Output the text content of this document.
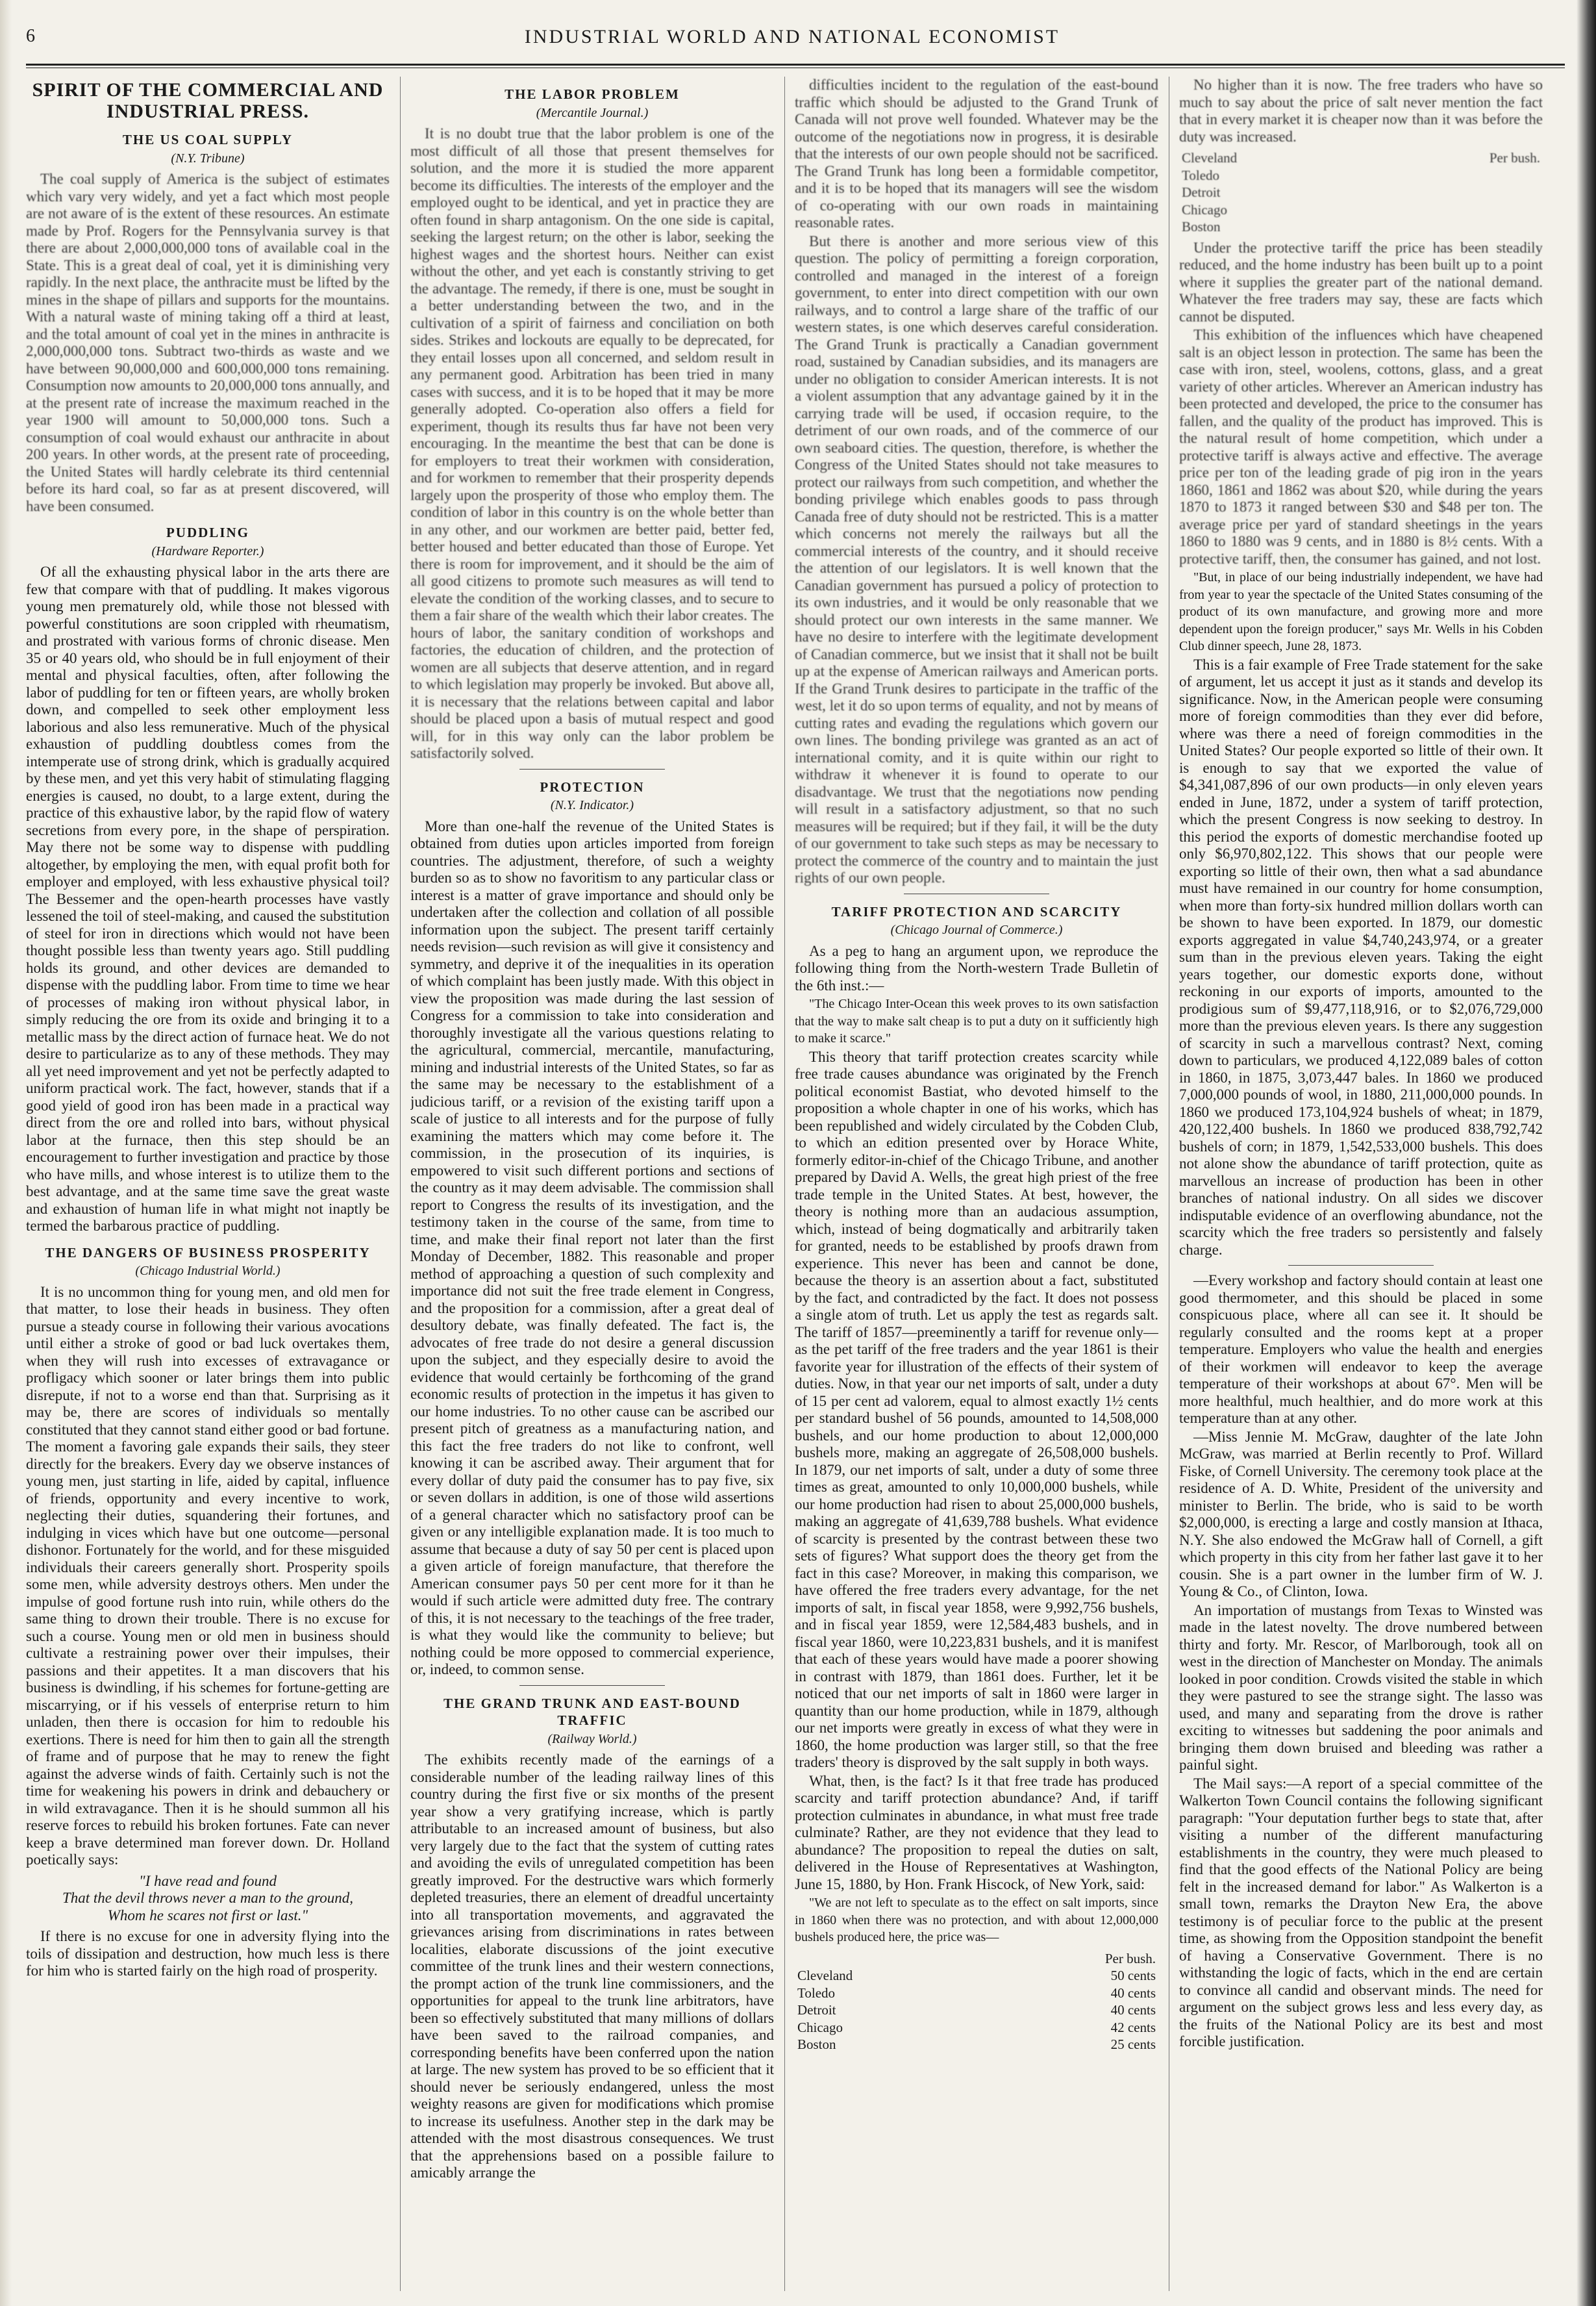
6	INDUSTRIAL WORLD AND NATIONAL ECONOMIST
SPIRIT OF THE COMMERCIAL AND INDUSTRIAL PRESS.
THE US COAL SUPPLY
(N.Y. Tribune)

The coal supply of America is the subject of estimates which vary very widely, and yet a fact which most people are not aware of is the extent of these resources. An estimate made by Prof. Rogers for the Pennsylvania survey is that there are about 2,000,000,000 tons of available coal in the State. This is a great deal of coal, yet it is diminishing very rapidly. In the next place, the anthracite must be lifted by the mines in the shape of pillars and supports for the mountains. With a natural waste of mining taking off a third at least, and the total amount of coal yet in the mines in anthracite is 2,000,000,000 tons. Subtract two-thirds as waste and we have between 90,000,000 and 600,000,000 tons remaining. Consumption now amounts to 20,000,000 tons annually, and at the present rate of increase the maximum reached in the year 1900 will amount to 50,000,000 tons. Such a consumption of coal would exhaust our anthracite in about 200 years. In other words, at the present rate of proceeding, the United States will hardly celebrate its third centennial before its hard coal, so far as at present discovered, will have been consumed.

PUDDLING
(Hardware Reporter.)

Of all the exhausting physical labor in the arts there are few that compare with that of puddling. It makes vigorous young men prematurely old, while those not blessed with powerful constitutions are soon crippled with rheumatism, and prostrated with various forms of chronic disease. Men 35 or 40 years old, who should be in full enjoyment of their mental and physical faculties, often, after following the labor of puddling for ten or fifteen years, are wholly broken down, and compelled to seek other employment less laborious and also less remunerative. Much of the physical exhaustion of puddling doubtless comes from the intemperate use of strong drink, which is gradually acquired by these men, and yet this very habit of stimulating flagging energies is caused, no doubt, to a large extent, during the practice of this exhaustive labor, by the rapid flow of watery secretions from every pore, in the shape of perspiration. May there not be some way to dispense with puddling altogether, by employing the men, with equal profit both for employer and employed, with less exhaustive physical toil? The Bessemer and the open-hearth processes have vastly lessened the toil of steel-making, and caused the substitution of steel for iron in directions which would not have been thought possible less than twenty years ago. Still puddling holds its ground, and other devices are demanded to dispense with the puddling labor. From time to time we hear of processes of making iron without physical labor, in simply reducing the ore from its oxide and bringing it to a metallic mass by the direct action of furnace heat. We do not desire to particularize as to any of these methods. They may all yet need improvement and yet not be perfectly adapted to uniform practical work. The fact, however, stands that if a good yield of good iron has been made in a practical way direct from the ore and rolled into bars, without physical labor at the furnace, then this step should be an encouragement to further investigation and practice by those who have mills, and whose interest is to utilize them to the best advantage, and at the same time save the great waste and exhaustion of human life in what might not inaptly be termed the barbarous practice of puddling.

THE DANGERS OF BUSINESS PROSPERITY
(Chicago Industrial World.)

It is no uncommon thing for young men, and old men for that matter, to lose their heads in business. They often pursue a steady course in following their various avocations until either a stroke of good or bad luck overtakes them, when they will rush into excesses of extravagance or profligacy which sooner or later brings them into public disrepute, if not to a worse end than that. Surprising as it may be, there are scores of individuals so mentally constituted that they cannot stand either good or bad fortune. The moment a favoring gale expands their sails, they steer directly for the breakers. Every day we observe instances of young men, just starting in life, aided by capital, influence of friends, opportunity and every incentive to work, neglecting their duties, squandering their fortunes, and indulging in vices which have but one outcome—personal dishonor. Fortunately for the world, and for these misguided individuals their careers generally short. Prosperity spoils some men, while adversity destroys others. Men under the impulse of good fortune rush into ruin, while others do the same thing to drown their trouble. There is no excuse for such a course. Young men or old men in business should cultivate a restraining power over their impulses, their passions and their appetites. It a man discovers that his business is dwindling, if his schemes for fortune-getting are miscarrying, or if his vessels of enterprise return to him unladen, then there is occasion for him to redouble his exertions. There is need for him then to gain all the strength of frame and of purpose that he may to renew the fight against the adverse winds of faith. Certainly such is not the time for weakening his powers in drink and debauchery or in wild extravagance. Then it is he should summon all his reserve forces to rebuild his broken fortunes. Fate can never keep a brave determined man forever down. Dr. Holland poetically says:

"I have read and found
That the devil throws never a man to the ground,
Whom he scares not first or last."

If there is no excuse for one in adversity flying into the toils of dissipation and destruction, how much less is there for him who is started fairly on the high road of prosperity.

THE LABOR PROBLEM
(Mercantile Journal.)

It is no doubt true that the labor problem is one of the most difficult of all those that present themselves for solution, and the more it is studied the more apparent become its difficulties. The interests of the employer and the employed ought to be identical, and yet in practice they are often found in sharp antagonism. On the one side is capital, seeking the largest return; on the other is labor, seeking the highest wages and the shortest hours. Neither can exist without the other, and yet each is constantly striving to get the advantage. The remedy, if there is one, must be sought in a better understanding between the two, and in the cultivation of a spirit of fairness and conciliation on both sides. Strikes and lockouts are equally to be deprecated, for they entail losses upon all concerned, and seldom result in any permanent good. Arbitration has been tried in many cases with success, and it is to be hoped that it may be more generally adopted. Co-operation also offers a field for experiment, though its results thus far have not been very encouraging. In the meantime the best that can be done is for employers to treat their workmen with consideration, and for workmen to remember that their prosperity depends largely upon the prosperity of those who employ them. The condition of labor in this country is on the whole better than in any other, and our workmen are better paid, better fed, better housed and better educated than those of Europe. Yet there is room for improvement, and it should be the aim of all good citizens to promote such measures as will tend to elevate the condition of the working classes, and to secure to them a fair share of the wealth which their labor creates. The hours of labor, the sanitary condition of workshops and factories, the education of children, and the protection of women are all subjects that deserve attention, and in regard to which legislation may properly be invoked. But above all, it is necessary that the relations between capital and labor should be placed upon a basis of mutual respect and good will, for in this way only can the labor problem be satisfactorily solved.

PROTECTION
(N.Y. Indicator.)

More than one-half the revenue of the United States is obtained from duties upon articles imported from foreign countries. The adjustment, therefore, of such a weighty burden so as to show no favoritism to any particular class or interest is a matter of grave importance and should only be undertaken after the collection and collation of all possible information upon the subject. The present tariff certainly needs revision—such revision as will give it consistency and symmetry, and deprive it of the inequalities in its operation of which complaint has been justly made. With this object in view the proposition was made during the last session of Congress for a commission to take into consideration and thoroughly investigate all the various questions relating to the agricultural, commercial, mercantile, manufacturing, mining and industrial interests of the United States, so far as the same may be necessary to the establishment of a judicious tariff, or a revision of the existing tariff upon a scale of justice to all interests and for the purpose of fully examining the matters which may come before it. The commission, in the prosecution of its inquiries, is empowered to visit such different portions and sections of the country as it may deem advisable. The commission shall report to Congress the results of its investigation, and the testimony taken in the course of the same, from time to time, and make their final report not later than the first Monday of December, 1882. This reasonable and proper method of approaching a question of such complexity and importance did not suit the free trade element in Congress, and the proposition for a commission, after a great deal of desultory debate, was finally defeated. The fact is, the advocates of free trade do not desire a general discussion upon the subject, and they especially desire to avoid the evidence that would certainly be forthcoming of the grand economic results of protection in the impetus it has given to our home industries. To no other cause can be ascribed our present pitch of greatness as a manufacturing nation, and this fact the free traders do not like to confront, well knowing it can be ascribed away. Their argument that for every dollar of duty paid the consumer has to pay five, six or seven dollars in addition, is one of those wild assertions of a general character which no satisfactory proof can be given or any intelligible explanation made. It is too much to assume that because a duty of say 50 per cent is placed upon a given article of foreign manufacture, that therefore the American consumer pays 50 per cent more for it than he would if such article were admitted duty free. The contrary of this, it is not necessary to the teachings of the free trader, is what they would like the community to believe; but nothing could be more opposed to commercial experience, or, indeed, to common sense.

THE GRAND TRUNK AND EAST-BOUND TRAFFIC
(Railway World.)

The exhibits recently made of the earnings of a considerable number of the leading railway lines of this country during the first five or six months of the present year show a very gratifying increase, which is partly attributable to an increased amount of business, but also very largely due to the fact that the system of cutting rates and avoiding the evils of unregulated competition has been greatly improved. For the destructive wars which formerly depleted treasuries, there an element of dreadful uncertainty into all transportation movements, and aggravated the grievances arising from discriminations in rates between localities, elaborate discussions of the joint executive committee of the trunk lines and their western connections, the prompt action of the trunk line commissioners, and the opportunities for appeal to the trunk line arbitrators, have been so effectively substituted that many millions of dollars have been saved to the railroad companies, and corresponding benefits have been conferred upon the nation at large. The new system has proved to be so efficient that it should never be seriously endangered, unless the most weighty reasons are given for modifications which promise to increase its usefulness. Another step in the dark may be attended with the most disastrous consequences. We trust that the apprehensions based on a possible failure to amicably arrange the

difficulties incident to the regulation of the east-bound traffic which should be adjusted to the Grand Trunk of Canada will not prove well founded. Whatever may be the outcome of the negotiations now in progress, it is desirable that the interests of our own people should not be sacrificed. The Grand Trunk has long been a formidable competitor, and it is to be hoped that its managers will see the wisdom of co-operating with our own roads in maintaining reasonable rates.

But there is another and more serious view of this question. The policy of permitting a foreign corporation, controlled and managed in the interest of a foreign government, to enter into direct competition with our own railways, and to control a large share of the traffic of our western states, is one which deserves careful consideration. The Grand Trunk is practically a Canadian government road, sustained by Canadian subsidies, and its managers are under no obligation to consider American interests. It is not a violent assumption that any advantage gained by it in the carrying trade will be used, if occasion require, to the detriment of our own roads, and of the commerce of our own seaboard cities. The question, therefore, is whether the Congress of the United States should not take measures to protect our railways from such competition, and whether the bonding privilege which enables goods to pass through Canada free of duty should not be restricted. This is a matter which concerns not merely the railways but all the commercial interests of the country, and it should receive the attention of our legislators. It is well known that the Canadian government has pursued a policy of protection to its own industries, and it would be only reasonable that we should protect our own interests in the same manner. We have no desire to interfere with the legitimate development of Canadian commerce, but we insist that it shall not be built up at the expense of American railways and American ports. If the Grand Trunk desires to participate in the traffic of the west, let it do so upon terms of equality, and not by means of cutting rates and evading the regulations which govern our own lines. The bonding privilege was granted as an act of international comity, and it is quite within our right to withdraw it whenever it is found to operate to our disadvantage. We trust that the negotiations now pending will result in a satisfactory adjustment, so that no such measures will be required; but if they fail, it will be the duty of our government to take such steps as may be necessary to protect the commerce of the country and to maintain the just rights of our own people.

TARIFF PROTECTION AND SCARCITY
(Chicago Journal of Commerce.)

As a peg to hang an argument upon, we reproduce the following thing from the North-western Trade Bulletin of the 6th inst.:—

"The Chicago Inter-Ocean this week proves to its own satisfaction that the way to make salt cheap is to put a duty on it sufficiently high to make it scarce."

This theory that tariff protection creates scarcity while free trade causes abundance was originated by the French political economist Bastiat, who devoted himself to the proposition a whole chapter in one of his works, which has been republished and widely circulated by the Cobden Club, to which an edition presented over by Horace White, formerly editor-in-chief of the Chicago Tribune, and another prepared by David A. Wells, the great high priest of the free trade temple in the United States. At best, however, the theory is nothing more than an audacious assumption, which, instead of being dogmatically and arbitrarily taken for granted, needs to be established by proofs drawn from experience. This never has been and cannot be done, because the theory is an assertion about a fact, substituted by the fact, and contradicted by the fact. It does not possess a single atom of truth. Let us apply the test as regards salt. The tariff of 1857—preeminently a tariff for revenue only—as the pet tariff of the free traders and the year 1861 is their favorite year for illustration of the effects of their system of duties. Now, in that year our net imports of salt, under a duty of 15 per cent ad valorem, equal to almost exactly 1½ cents per standard bushel of 56 pounds, amounted to 14,508,000 bushels, and our home production to about 12,000,000 bushels more, making an aggregate of 26,508,000 bushels. In 1879, our net imports of salt, under a duty of some three times as great, amounted to only 10,000,000 bushels, while our home production had risen to about 25,000,000 bushels, making an aggregate of 41,639,788 bushels. What evidence of scarcity is presented by the contrast between these two sets of figures? What support does the theory get from the fact in this case? Moreover, in making this comparison, we have offered the free traders every advantage, for the net imports of salt, in fiscal year 1858, were 9,992,756 bushels, and in fiscal year 1859, were 12,584,483 bushels, and in fiscal year 1860, were 10,223,831 bushels, and it is manifest that each of these years would have made a poorer showing in contrast with 1879, than 1861 does. Further, let it be noticed that our net imports of salt in 1860 were larger in quantity than our home production, while in 1879, although our net imports were greatly in excess of what they were in 1860, the home production was larger still, so that the free traders' theory is disproved by the salt supply in both ways.

What, then, is the fact? Is it that free trade has produced scarcity and tariff protection abundance? And, if tariff protection culminates in abundance, in what must free trade culminate? Rather, are they not evidence that they lead to abundance? The proposition to repeal the duties on salt, delivered in the House of Representatives at Washington, June 15, 1880, by Hon. Frank Hiscock, of New York, said:

"We are not left to speculate as to the effect on salt imports, since in 1860 when there was no protection, and with about 12,000,000 bushels produced here, the price was—

	Per bush.
Cleveland	50 cents
Toledo	40 cents
Detroit	40 cents
Chicago	42 cents
Boston	25 cents

No higher than it is now. The free traders who have so much to say about the price of salt never mention the fact that in every market it is cheaper now than it was before the duty was increased.

Cleveland	Per bush.
Toledo	
Detroit	
Chicago	
Boston	

Under the protective tariff the price has been steadily reduced, and the home industry has been built up to a point where it supplies the greater part of the national demand. Whatever the free traders may say, these are facts which cannot be disputed.

This exhibition of the influences which have cheapened salt is an object lesson in protection. The same has been the case with iron, steel, woolens, cottons, glass, and a great variety of other articles. Wherever an American industry has been protected and developed, the price to the consumer has fallen, and the quality of the product has improved. This is the natural result of home competition, which under a protective tariff is always active and effective. The average price per ton of the leading grade of pig iron in the years 1860, 1861 and 1862 was about $20, while during the years 1870 to 1873 it ranged between $30 and $48 per ton. The average price per yard of standard sheetings in the years 1860 to 1880 was 9 cents, and in 1880 is 8½ cents. With a protective tariff, then, the consumer has gained, and not lost.

"But, in place of our being industrially independent, we have had from year to year the spectacle of the United States consuming of the product of its own manufacture, and growing more and more dependent upon the foreign producer," says Mr. Wells in his Cobden Club dinner speech, June 28, 1873.

This is a fair example of Free Trade statement for the sake of argument, let us accept it just as it stands and develop its significance. Now, in the American people were consuming more of foreign commodities than they ever did before, where was there a need of foreign commodities in the United States? Our people exported so little of their own. It is enough to say that we exported the value of $4,341,087,896 of our own products—in only eleven years ended in June, 1872, under a system of tariff protection, which the present Congress is now seeking to destroy. In this period the exports of domestic merchandise footed up only $6,970,802,122. This shows that our people were exporting so little of their own, then what a sad abundance must have remained in our country for home consumption, when more than forty-six hundred million dollars worth can be shown to have been exported. In 1879, our domestic exports aggregated in value $4,740,243,974, or a greater sum than in the previous eleven years. Taking the eight years together, our domestic exports done, without reckoning in our exports of imports, amounted to the prodigious sum of $9,477,118,916, or to $2,076,729,000 more than the previous eleven years. Is there any suggestion of scarcity in such a marvellous contrast? Next, coming down to particulars, we produced 4,122,089 bales of cotton in 1860, in 1875, 3,073,447 bales. In 1860 we produced 7,000,000 pounds of wool, in 1880, 211,000,000 pounds. In 1860 we produced 173,104,924 bushels of wheat; in 1879, 420,122,400 bushels. In 1860 we produced 838,792,742 bushels of corn; in 1879, 1,542,533,000 bushels. This does not alone show the abundance of tariff protection, quite as marvellous an increase of production has been in other branches of national industry. On all sides we discover indisputable evidence of an overflowing abundance, not the scarcity which the free traders so persistently and falsely charge.

—Every workshop and factory should contain at least one good thermometer, and this should be placed in some conspicuous place, where all can see it. It should be regularly consulted and the rooms kept at a proper temperature. Employers who value the health and energies of their workmen will endeavor to keep the average temperature of their workshops at about 67°. Men will be more healthful, much healthier, and do more work at this temperature than at any other.

—Miss Jennie M. McGraw, daughter of the late John McGraw, was married at Berlin recently to Prof. Willard Fiske, of Cornell University. The ceremony took place at the residence of A. D. White, President of the university and minister to Berlin. The bride, who is said to be worth $2,000,000, is erecting a large and costly mansion at Ithaca, N.Y. She also endowed the McGraw hall of Cornell, a gift which property in this city from her father last gave it to her cousin. She is a part owner in the lumber firm of W. J. Young & Co., of Clinton, Iowa.

An importation of mustangs from Texas to Winsted was made in the latest novelty. The drove numbered between thirty and forty. Mr. Rescor, of Marlborough, took all on west in the direction of Manchester on Monday. The animals looked in poor condition. Crowds visited the stable in which they were pastured to see the strange sight. The lasso was used, and many and separating from the drove is rather exciting to witnesses but saddening the poor animals and bringing them down bruised and bleeding was rather a painful sight.

The Mail says:—A report of a special committee of the Walkerton Town Council contains the following significant paragraph: "Your deputation further begs to state that, after visiting a number of the different manufacturing establishments in the country, they were much pleased to find that the good effects of the National Policy are being felt in the increased demand for labor." As Walkerton is a small town, remarks the Drayton New Era, the above testimony is of peculiar force to the public at the present time, as showing from the Opposition standpoint the benefit of having a Conservative Government. There is no withstanding the logic of facts, which in the end are certain to convince all candid and observant minds. The need for argument on the subject grows less and less every day, as the fruits of the National Policy are its best and most forcible justification.
